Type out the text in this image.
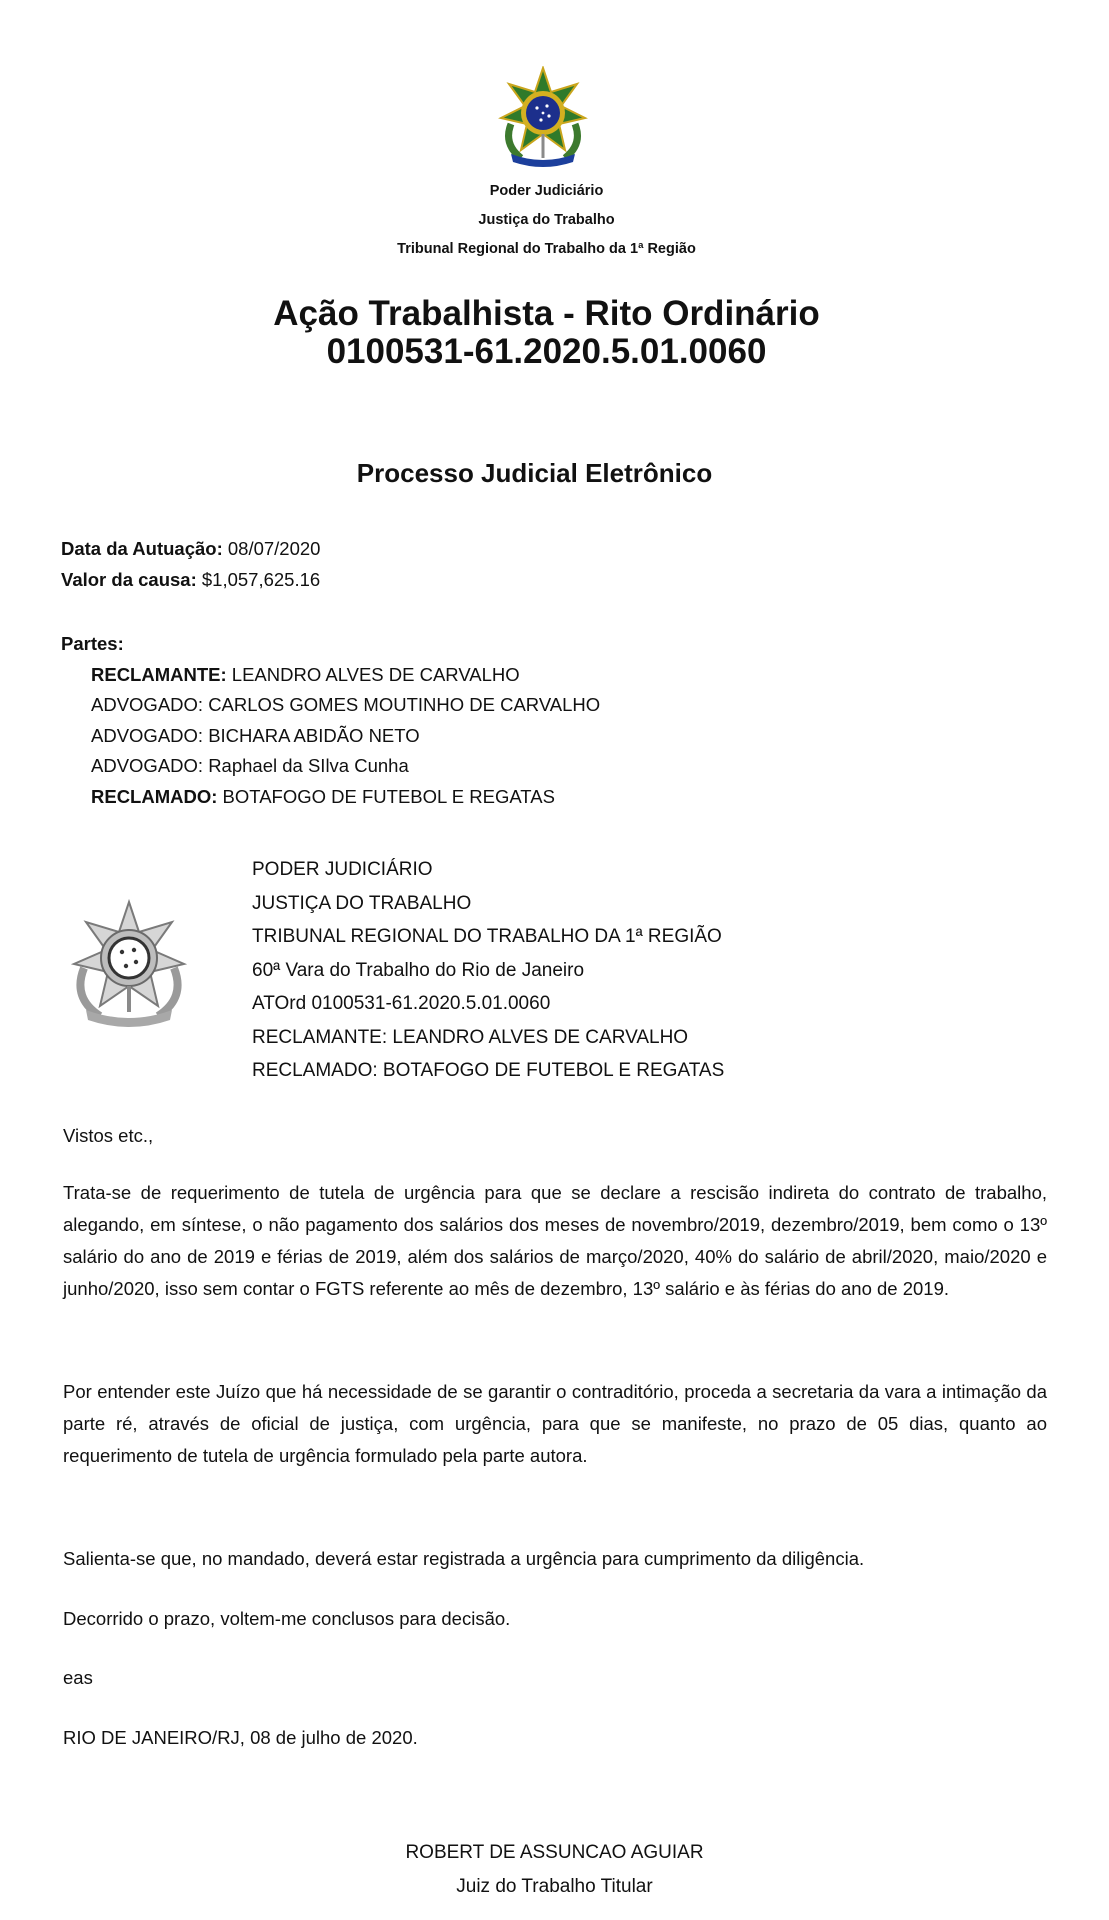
Poder Judiciário
Justiça do Trabalho
Tribunal Regional do Trabalho da 1ª Região
Ação Trabalhista - Rito Ordinário
0100531-61.2020.5.01.0060
Processo Judicial Eletrônico
Data da Autuação: 08/07/2020
Valor da causa: $1,057,625.16
Partes:
RECLAMANTE: LEANDRO ALVES DE CARVALHO
ADVOGADO: CARLOS GOMES MOUTINHO DE CARVALHO
ADVOGADO: BICHARA ABIDÃO NETO
ADVOGADO: Raphael da SIlva Cunha
RECLAMADO: BOTAFOGO DE FUTEBOL E REGATAS
PODER JUDICIÁRIO
JUSTIÇA DO TRABALHO
TRIBUNAL REGIONAL DO TRABALHO DA 1ª REGIÃO
60ª Vara do Trabalho do Rio de Janeiro
ATOrd 0100531-61.2020.5.01.0060
RECLAMANTE: LEANDRO ALVES DE CARVALHO
RECLAMADO: BOTAFOGO DE FUTEBOL E REGATAS
Vistos etc.,
Trata-se de requerimento de tutela de urgência para que se declare a rescisão indireta do contrato de trabalho, alegando, em síntese, o não pagamento dos salários dos meses de novembro/2019, dezembro/2019, bem como o 13º salário do ano de 2019 e férias de 2019, além dos salários de março/2020, 40% do salário de abril/2020, maio/2020 e junho/2020, isso sem contar o FGTS referente ao mês de dezembro, 13º salário e às férias do ano de 2019.
Por entender este Juízo que há necessidade de se garantir o contraditório, proceda a secretaria da vara a intimação da parte ré, através de oficial de justiça, com urgência, para que se manifeste, no prazo de 05 dias, quanto ao requerimento de tutela de urgência formulado pela parte autora.
Salienta-se que, no mandado, deverá estar registrada a urgência para cumprimento da diligência.
Decorrido o prazo, voltem-me conclusos para decisão.
eas
RIO DE JANEIRO/RJ, 08 de julho de 2020.
ROBERT DE ASSUNCAO AGUIAR
Juiz do Trabalho Titular
